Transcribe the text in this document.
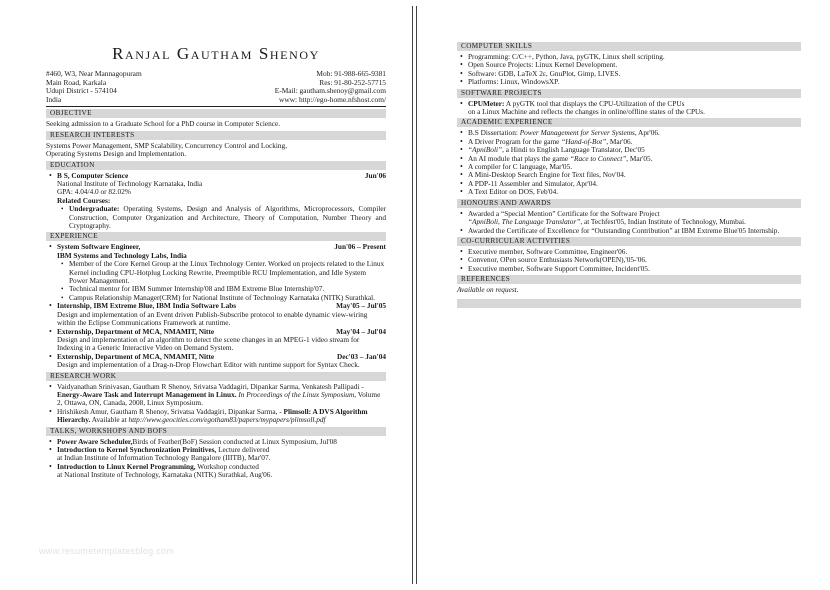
Ranjal Gautham Shenoy
#460, W3, Near Mannagopuram
Main Road, Karkala
Udupi District - 574104
India
Mob: 91-988-665-9381
Res: 91-80-252-57715
E-Mail: gautham.shenoy@gmail.com
www: http://ego-home.nfshost.com/
OBJECTIVE
Seeking admission to a Graduate School for a PhD course in Computer Science.
RESEARCH INTERESTS
Systems Power Management, SMP Scalability, Concurrency Control and Locking,
Operating Systems Design and Implementation.
EDUCATION
• B S, Computer Science	Jun'06
National Institute of Technology Karnataka, India
GPA: 4.04/4.0 or 82.02%
Related Courses:
• Undergraduate: Operating Systems, Design and Analysis of Algorithms, Microprocessors, Compiler Construction, Computer Organization and Architecture, Theory of Computation, Number Theory and Cryptography.
EXPERIENCE
• System Software Engineer,	Jun'06 – Present
IBM Systems and Technology Labs, India
• Member of the Core Kernel Group at the Linux Technology Center. Worked on projects related to the Linux Kernel including CPU-Hotplug Locking Rewrite, Preemptible RCU Implementation, and Idle System Power Management.
• Technical mentor for IBM Summer Internship'08 and IBM Extreme Blue Internship'07.
• Campus Relationship Manager(CRM) for National Institute of Technology Karnataka (NITK) Surathkal.
• Internship, IBM Extreme Blue, IBM India Software Labs	May'05 – Jul'05
Design and implementation of an Event driven Publish-Subscribe protocol to enable dynamic view-wiring within the Eclipse Communications Framework at runtime.
• Externship, Department of MCA, NMAMIT, Nitte	May'04 – Jul'04
Design and implementation of an algorithm to detect the scene changes in an MPEG-1 video stream for Indexing in a Generic Interactive Video on Demand System.
• Externship, Department of MCA, NMAMIT, Nitte	Dec'03 – Jan'04
Design and implementation of a Drag-n-Drop Flowchart Editor with runtime support for Syntax Check.
RESEARCH WORK
• Vaidyanathan Srinivasan, Gautham R Shenoy, Srivatsa Vaddagiri, Dipankar Sarma, Venkatesh Pallipadi - Energy-Aware Task and Interrupt Management in Linux. In Proceedings of the Linux Symposium, Volume 2, Ottawa, ON, Canada, 2008, Linux Symposium.
• Hrishikesh Amur, Gautham R Shenoy, Srivatsa Vaddagiri, Dipankar Sarma, - Plimsoll: A DVS Algorithm Hierarchy. Available at http://www.geocities.com/egotham83/papers/mypapers/plimsoll.pdf
TALKS, WORKSHOPS AND BOFS
• Power Aware Scheduler,Birds of Feather(BoF) Session conducted at Linux Symposium, Jul'08
• Introduction to Kernel Synchronization Primitives, Lecture delivered
at Indian Institute of Information Technology Bangalore (IIITB), Mar'07.
• Introduction to Linux Kernel Programming, Workshop conducted
at National Institute of Technology, Karnataka (NITK) Surathkal, Aug'06.
www.resumetemplatesblog.com
COMPUTER SKILLS
• Programming: C/C++, Python, Java, pyGTK, Linux shell scripting.
• Open Source Projects: Linux Kernel Development.
• Software: GDB, LaTeX 2ε, GnuPlot, Gimp, LIVES.
• Platforms: Linux, WindowsXP.
SOFTWARE PROJECTS
• CPUMeter: A pyGTK tool that displays the CPU-Utilization of the CPUs
on a Linux Machine and reflects the changes in online/offline states of the CPUs.
ACADEMIC EXPERIENCE
• B.S Dissertation: Power Management for Server Systems, Apr'06.
• A Driver Program for the game “Hand-of-Bot”, Mar'06.
• “ApniBoli”, a Hindi to English Language Translator, Dec'05
• An AI module that plays the game “Race to Connect”, Mar'05.
• A compiler for C language, Mar'05.
• A Mini-Desktop Search Engine for Text files, Nov'04.
• A PDP-11 Assembler and Simulator, Apr'04.
• A Text Editor on DOS, Feb'04.
HONOURS AND AWARDS
• Awarded a “Special Mention” Certificate for the Software Project
“ApniBoli, The Language Translator”, at Techfest'05, Indian Institute of Technology, Mumbai.
• Awarded the Certificate of Excellence for “Outstanding Contribution” at IBM Extreme Blue'05 Internship.
CO-CURRICULAR ACTIVITIES
• Executive member, Software Committee, Engineer'06.
• Convenor, OPen source Enthusiasts Network(OPEN),'05-'06.
• Executive member, Software Support Committee, Incident'05.
REFERENCES
Available on request.
